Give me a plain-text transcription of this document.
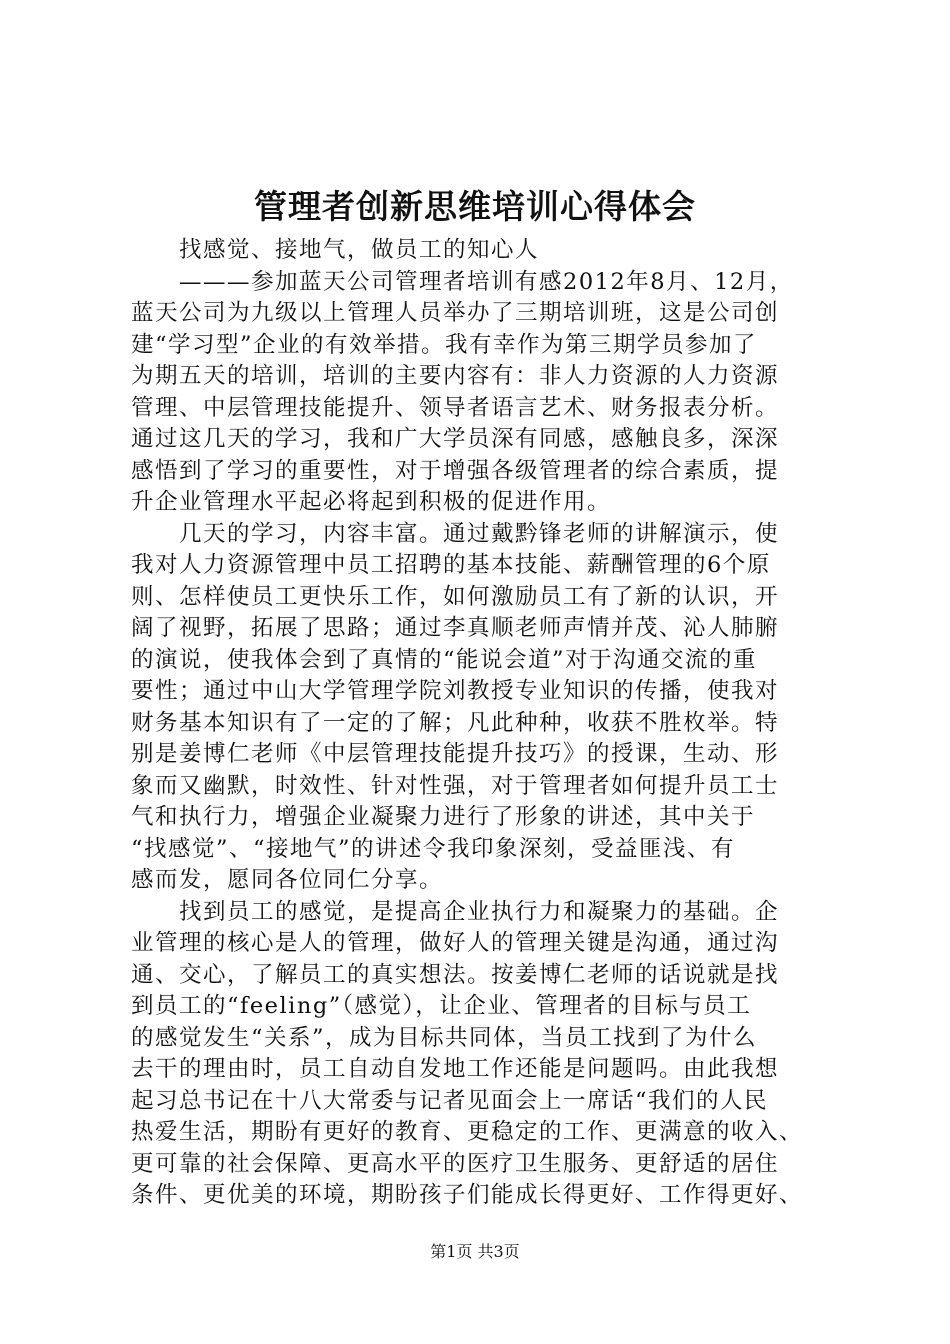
管理者创新思维培训心得体会
找感觉、接地气，做员工的知心人
———参加蓝天公司管理者培训有感2012年8月、12月，
蓝天公司为九级以上管理人员举办了三期培训班，这是公司创
建“学习型”企业的有效举措。我有幸作为第三期学员参加了
为期五天的培训，培训的主要内容有：非人力资源的人力资源
管理、中层管理技能提升、领导者语言艺术、财务报表分析。
通过这几天的学习，我和广大学员深有同感，感触良多，深深
感悟到了学习的重要性，对于增强各级管理者的综合素质，提
升企业管理水平起必将起到积极的促进作用。
几天的学习，内容丰富。通过戴黔锋老师的讲解演示，使
我对人力资源管理中员工招聘的基本技能、薪酬管理的6个原
则、怎样使员工更快乐工作，如何激励员工有了新的认识，开
阔了视野，拓展了思路；通过李真顺老师声情并茂、沁人肺腑
的演说，使我体会到了真情的“能说会道”对于沟通交流的重
要性；通过中山大学管理学院刘教授专业知识的传播，使我对
财务基本知识有了一定的了解；凡此种种，收获不胜枚举。特
别是姜博仁老师《中层管理技能提升技巧》的授课，生动、形
象而又幽默，时效性、针对性强，对于管理者如何提升员工士
气和执行力，增强企业凝聚力进行了形象的讲述，其中关于
“找感觉”、“接地气”的讲述令我印象深刻，受益匪浅、有
感而发，愿同各位同仁分享。
找到员工的感觉，是提高企业执行力和凝聚力的基础。企
业管理的核心是人的管理，做好人的管理关键是沟通，通过沟
通、交心，了解员工的真实想法。按姜博仁老师的话说就是找
到员工的“feeling”（感觉），让企业、管理者的目标与员工
的感觉发生“关系”，成为目标共同体，当员工找到了为什么
去干的理由时，员工自动自发地工作还能是问题吗。由此我想
起习总书记在十八大常委与记者见面会上一席话“我们的人民
热爱生活，期盼有更好的教育、更稳定的工作、更满意的收入、
更可靠的社会保障、更高水平的医疗卫生服务、更舒适的居住
条件、更优美的环境，期盼孩子们能成长得更好、工作得更好、
第1页 共3页
